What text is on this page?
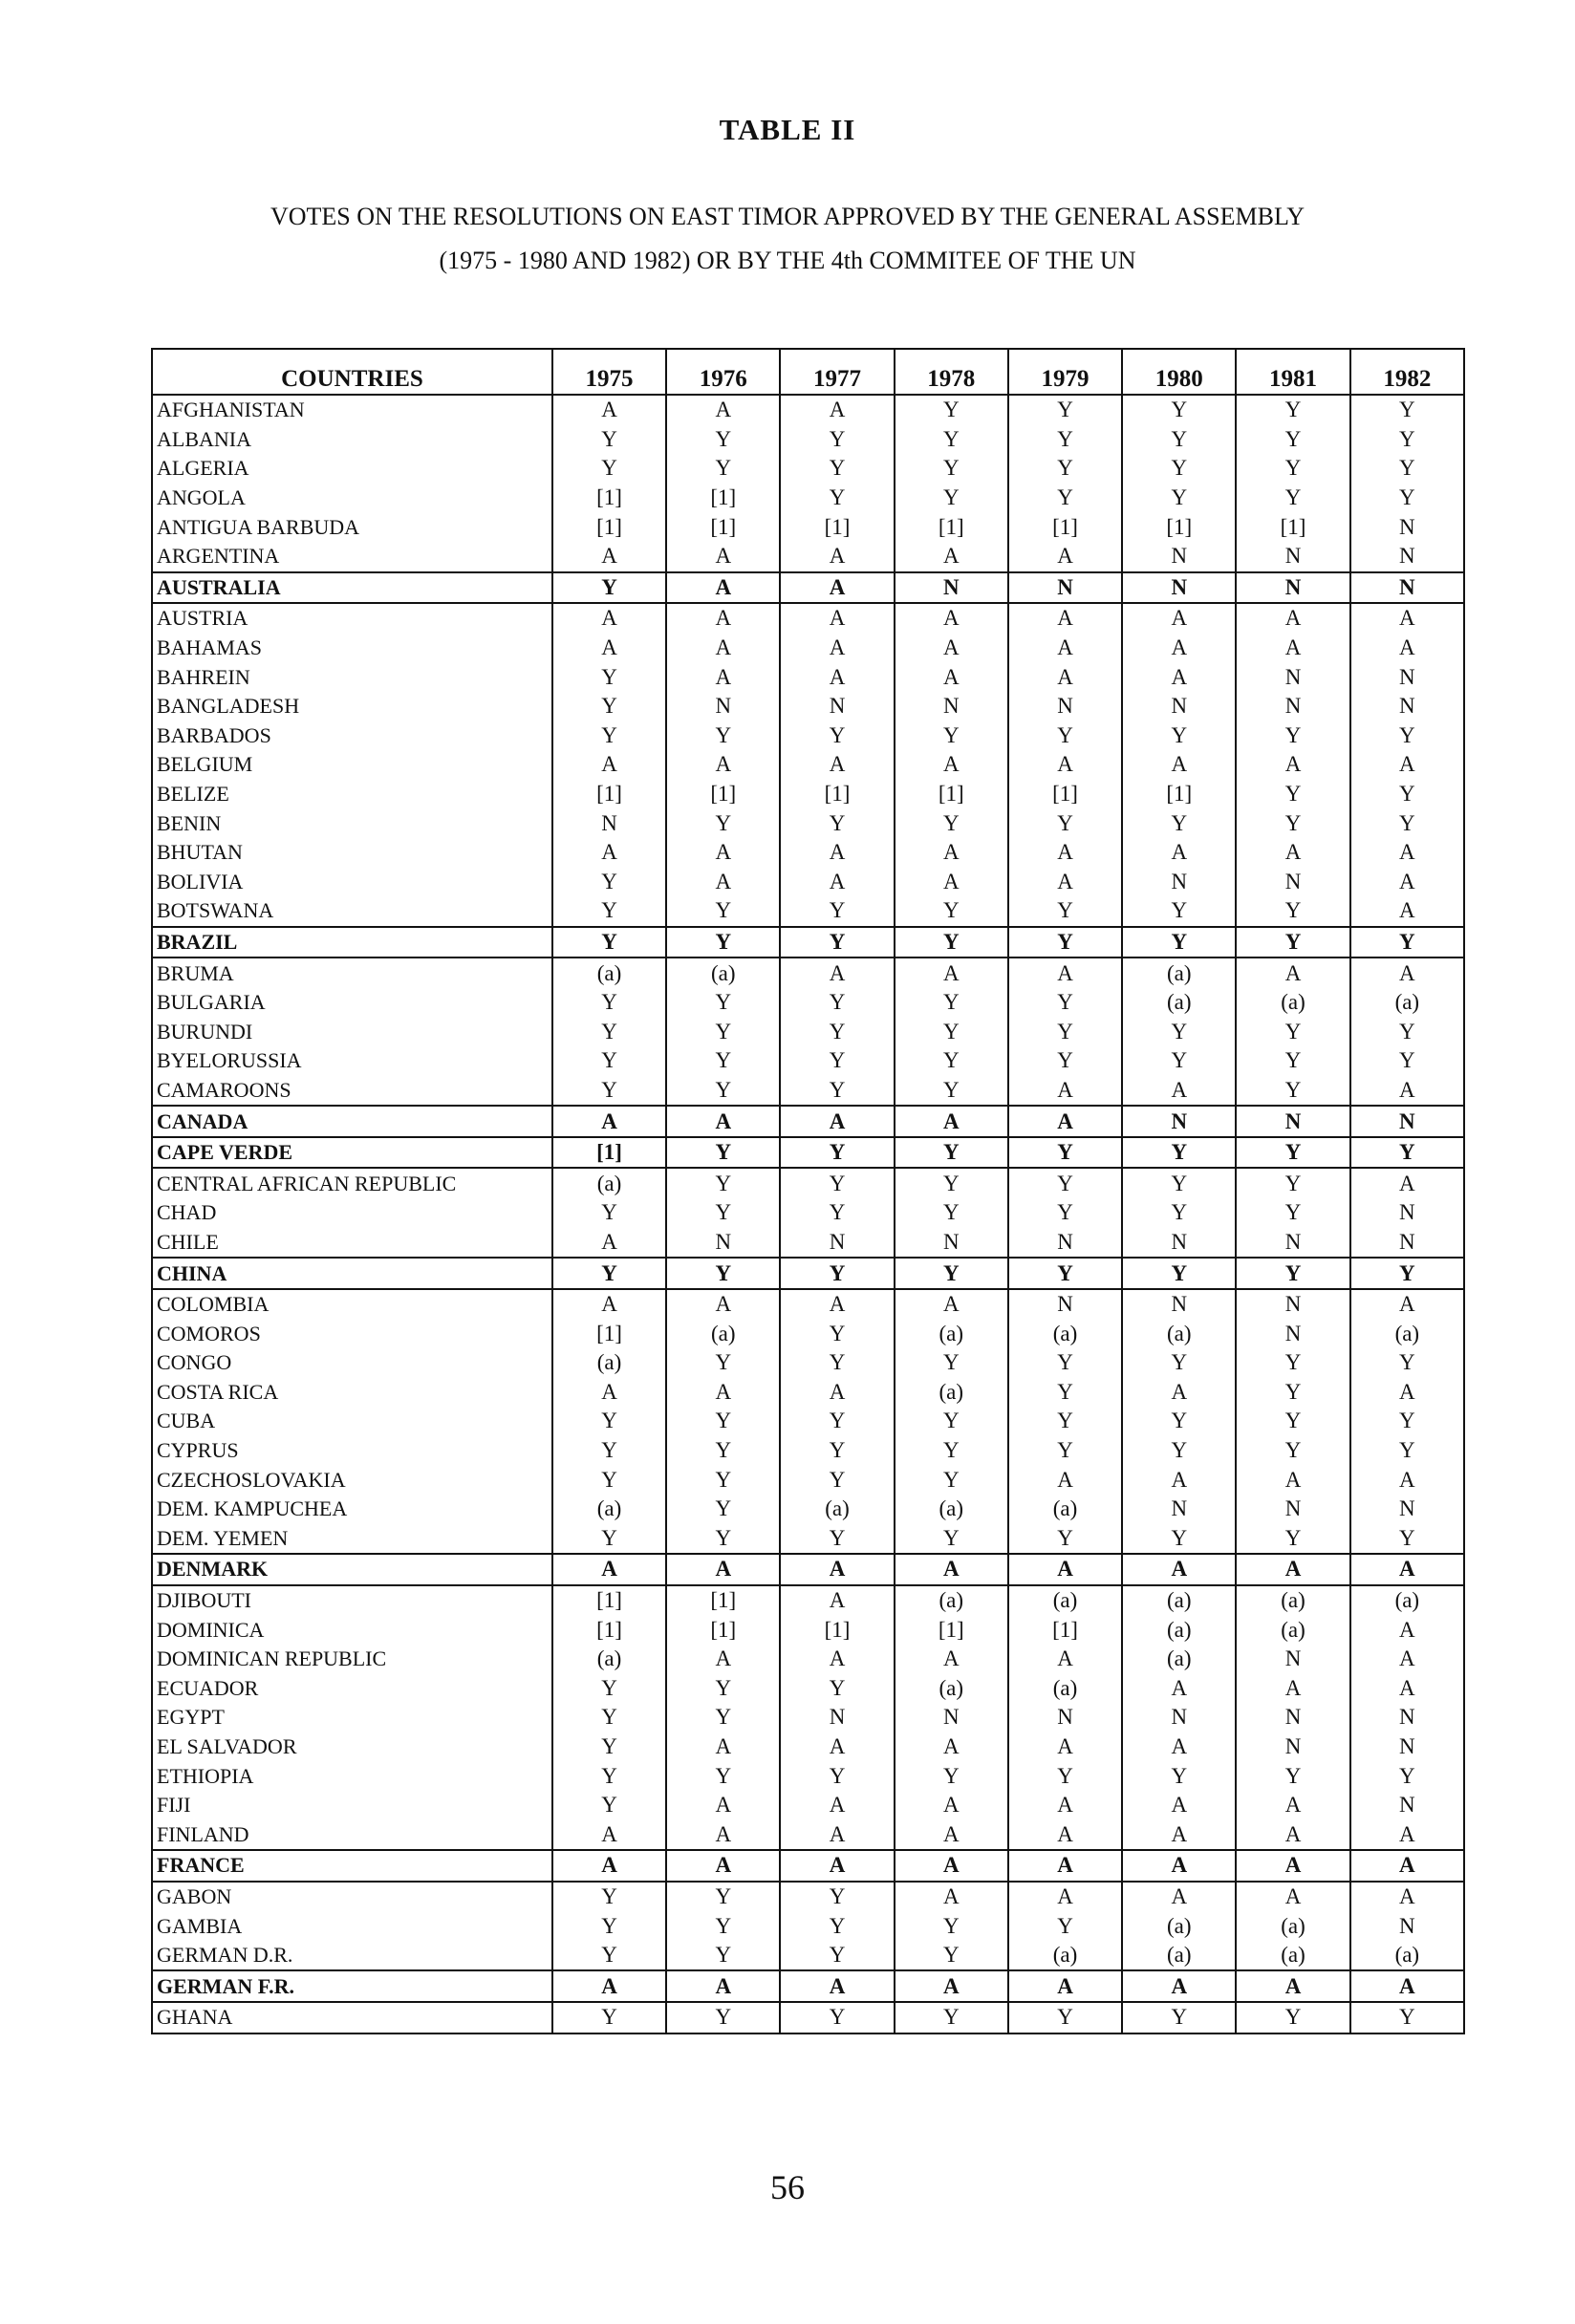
TABLE II
VOTES ON THE RESOLUTIONS ON EAST TIMOR APPROVED BY THE GENERAL ASSEMBLY
(1975 - 1980 AND 1982) OR BY THE 4th COMMITEE OF THE UN
COUNTRIES	1975	1976	1977	1978	1979	1980	1981	1982
AFGHANISTAN	A	A	A	Y	Y	Y	Y	Y
ALBANIA	Y	Y	Y	Y	Y	Y	Y	Y
ALGERIA	Y	Y	Y	Y	Y	Y	Y	Y
ANGOLA	[1]	[1]	Y	Y	Y	Y	Y	Y
ANTIGUA BARBUDA	[1]	[1]	[1]	[1]	[1]	[1]	[1]	N
ARGENTINA	A	A	A	A	A	N	N	N
AUSTRALIA	Y	A	A	N	N	N	N	N
AUSTRIA	A	A	A	A	A	A	A	A
BAHAMAS	A	A	A	A	A	A	A	A
BAHREIN	Y	A	A	A	A	A	N	N
BANGLADESH	Y	N	N	N	N	N	N	N
BARBADOS	Y	Y	Y	Y	Y	Y	Y	Y
BELGIUM	A	A	A	A	A	A	A	A
BELIZE	[1]	[1]	[1]	[1]	[1]	[1]	Y	Y
BENIN	N	Y	Y	Y	Y	Y	Y	Y
BHUTAN	A	A	A	A	A	A	A	A
BOLIVIA	Y	A	A	A	A	N	N	A
BOTSWANA	Y	Y	Y	Y	Y	Y	Y	A
BRAZIL	Y	Y	Y	Y	Y	Y	Y	Y
BRUMA	(a)	(a)	A	A	A	(a)	A	A
BULGARIA	Y	Y	Y	Y	Y	(a)	(a)	(a)
BURUNDI	Y	Y	Y	Y	Y	Y	Y	Y
BYELORUSSIA	Y	Y	Y	Y	Y	Y	Y	Y
CAMAROONS	Y	Y	Y	Y	A	A	Y	A
CANADA	A	A	A	A	A	N	N	N
CAPE VERDE	[1]	Y	Y	Y	Y	Y	Y	Y
CENTRAL AFRICAN REPUBLIC	(a)	Y	Y	Y	Y	Y	Y	A
CHAD	Y	Y	Y	Y	Y	Y	Y	N
CHILE	A	N	N	N	N	N	N	N
CHINA	Y	Y	Y	Y	Y	Y	Y	Y
COLOMBIA	A	A	A	A	N	N	N	A
COMOROS	[1]	(a)	Y	(a)	(a)	(a)	N	(a)
CONGO	(a)	Y	Y	Y	Y	Y	Y	Y
COSTA RICA	A	A	A	(a)	Y	A	Y	A
CUBA	Y	Y	Y	Y	Y	Y	Y	Y
CYPRUS	Y	Y	Y	Y	Y	Y	Y	Y
CZECHOSLOVAKIA	Y	Y	Y	Y	A	A	A	A
DEM. KAMPUCHEA	(a)	Y	(a)	(a)	(a)	N	N	N
DEM. YEMEN	Y	Y	Y	Y	Y	Y	Y	Y
DENMARK	A	A	A	A	A	A	A	A
DJIBOUTI	[1]	[1]	A	(a)	(a)	(a)	(a)	(a)
DOMINICA	[1]	[1]	[1]	[1]	[1]	(a)	(a)	A
DOMINICAN REPUBLIC	(a)	A	A	A	A	(a)	N	A
ECUADOR	Y	Y	Y	(a)	(a)	A	A	A
EGYPT	Y	Y	N	N	N	N	N	N
EL SALVADOR	Y	A	A	A	A	A	N	N
ETHIOPIA	Y	Y	Y	Y	Y	Y	Y	Y
FIJI	Y	A	A	A	A	A	A	N
FINLAND	A	A	A	A	A	A	A	A
FRANCE	A	A	A	A	A	A	A	A
GABON	Y	Y	Y	A	A	A	A	A
GAMBIA	Y	Y	Y	Y	Y	(a)	(a)	N
GERMAN D.R.	Y	Y	Y	Y	(a)	(a)	(a)	(a)
GERMAN F.R.	A	A	A	A	A	A	A	A
GHANA	Y	Y	Y	Y	Y	Y	Y	Y
56
